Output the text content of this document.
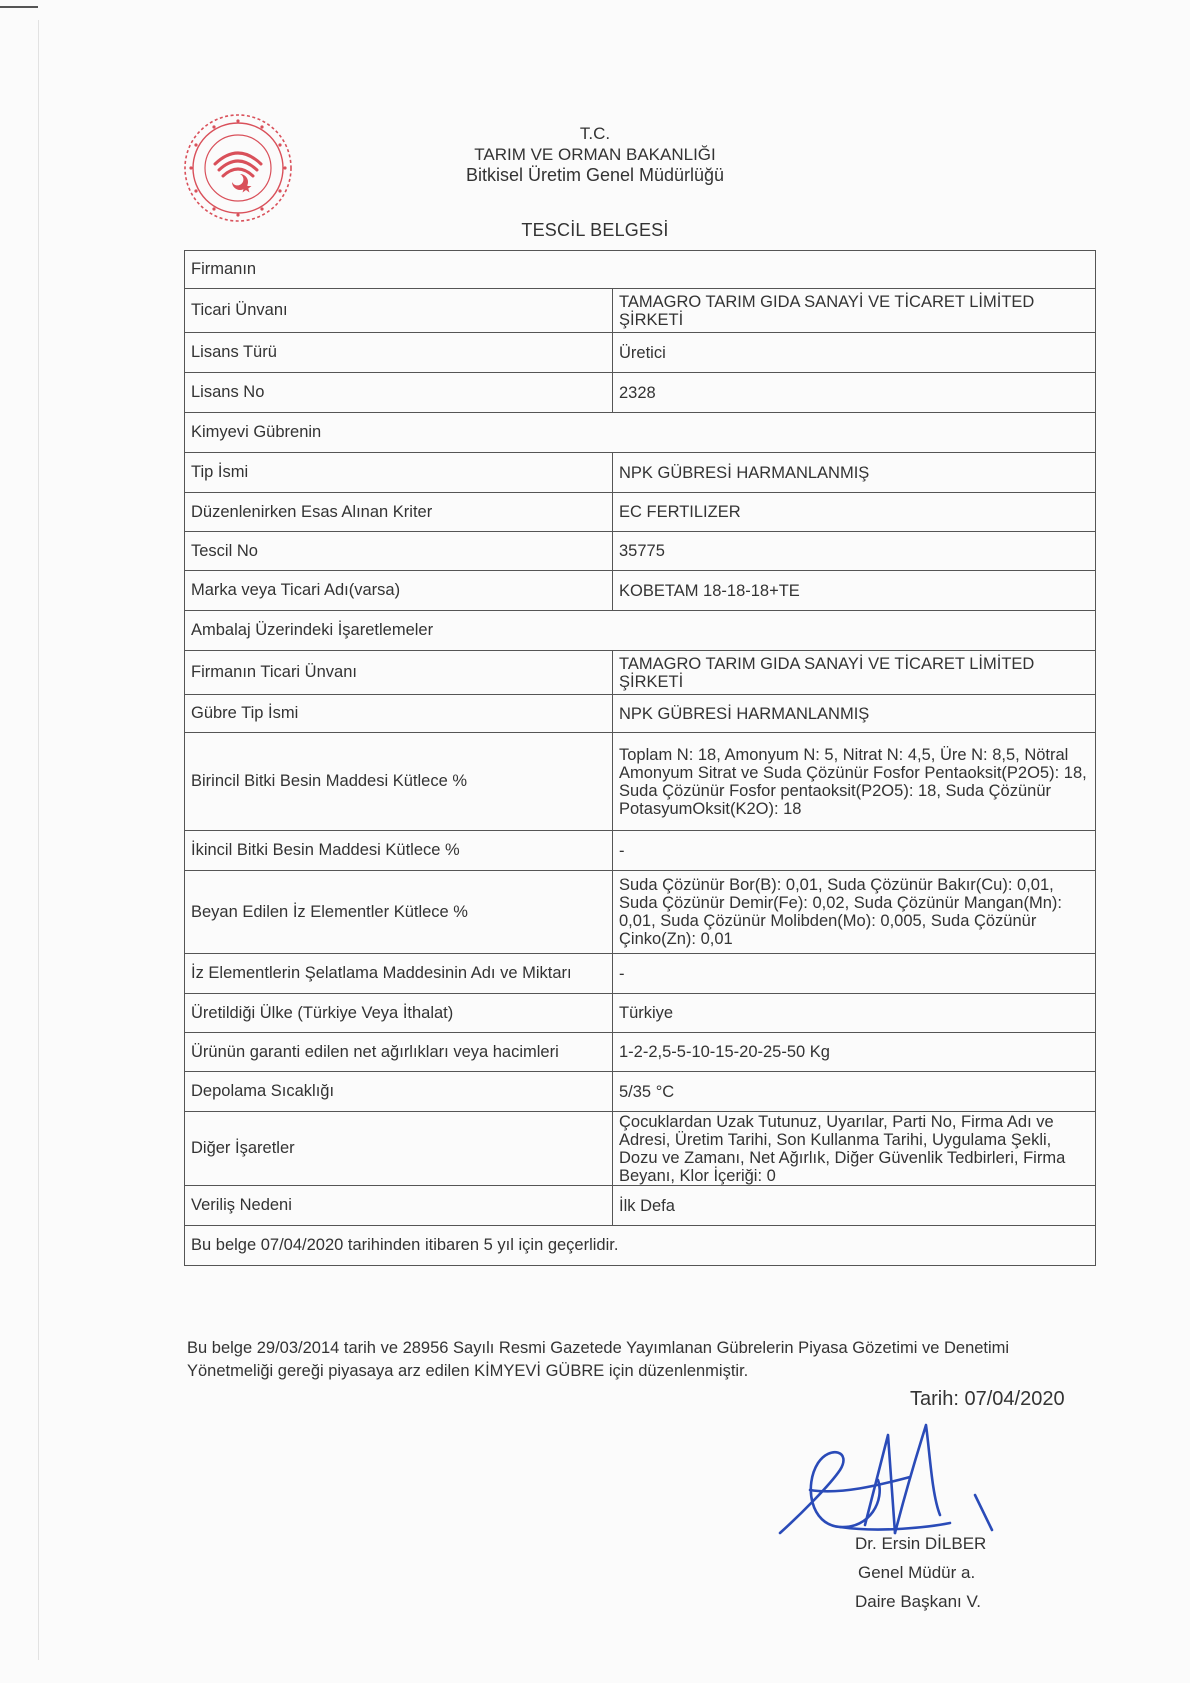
T.C.
TARIM VE ORMAN BAKANLIĞI
Bitkisel Üretim Genel Müdürlüğü
TESCİL BELGESİ
Firmanın	
Ticari Ünvanı	TAMAGRO TARIM GIDA SANAYİ VE TİCARET LİMİTED ŞİRKETİ
Lisans Türü	Üretici
Lisans No	2328
Kimyevi Gübrenin	
Tip İsmi	NPK GÜBRESİ HARMANLANMIŞ
Düzenlenirken Esas Alınan Kriter	EC FERTILIZER
Tescil No	35775
Marka veya Ticari Adı(varsa)	KOBETAM 18-18-18+TE
Ambalaj Üzerindeki İşaretlemeler	
Firmanın Ticari Ünvanı	TAMAGRO TARIM GIDA SANAYİ VE TİCARET LİMİTED ŞİRKETİ
Gübre Tip İsmi	NPK GÜBRESİ HARMANLANMIŞ
Birincil Bitki Besin Maddesi Kütlece %	Toplam N: 18, Amonyum N: 5, Nitrat N: 4,5, Üre N: 8,5, Nötral Amonyum Sitrat ve Suda Çözünür Fosfor Pentaoksit(P2O5): 18, Suda Çözünür Fosfor pentaoksit(P2O5): 18, Suda Çözünür PotasyumOksit(K2O): 18
İkincil Bitki Besin Maddesi Kütlece %	-
Beyan Edilen İz Elementler Kütlece %	Suda Çözünür Bor(B): 0,01, Suda Çözünür Bakır(Cu): 0,01, Suda Çözünür Demir(Fe): 0,02, Suda Çözünür Mangan(Mn): 0,01, Suda Çözünür Molibden(Mo): 0,005, Suda Çözünür Çinko(Zn): 0,01
İz Elementlerin Şelatlama Maddesinin Adı ve Miktarı	-
Üretildiği Ülke (Türkiye Veya İthalat)	Türkiye
Ürünün garanti edilen net ağırlıkları veya hacimleri	1-2-2,5-5-10-15-20-25-50 Kg
Depolama Sıcaklığı	5/35 °C
Diğer İşaretler	Çocuklardan Uzak Tutunuz, Uyarılar, Parti No, Firma Adı ve Adresi, Üretim Tarihi, Son Kullanma Tarihi, Uygulama Şekli, Dozu ve Zamanı, Net Ağırlık, Diğer Güvenlik Tedbirleri, Firma Beyanı, Klor İçeriği: 0
Veriliş Nedeni	İlk Defa
Bu belge 07/04/2020 tarihinden itibaren 5 yıl için geçerlidir.	
Bu belge 29/03/2014 tarih ve 28956 Sayılı Resmi Gazetede Yayımlanan Gübrelerin Piyasa Gözetimi ve Denetimi Yönetmeliği gereği piyasaya arz edilen KİMYEVİ GÜBRE için düzenlenmiştir.
Tarih: 07/04/2020
Dr. Ersin DİLBER
Genel Müdür a.
Daire Başkanı V.
